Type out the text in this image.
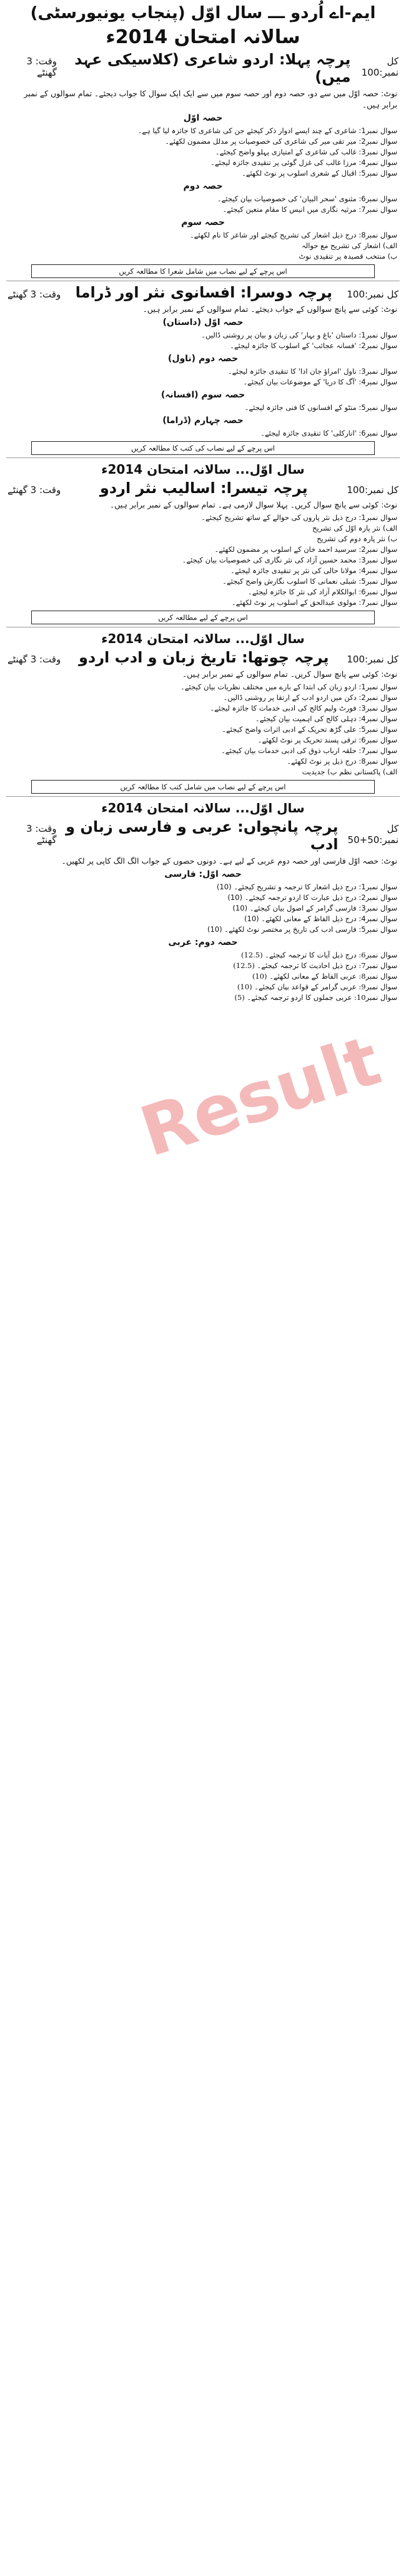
ایم-اے اُردو ـــ سال اوّل (پنجاب یونیورسٹی)
سالانہ امتحان 2014ء
کل نمبر:100
پرچہ پہلا: اردو شاعری (کلاسیکی عہد میں)
وقت: 3 گھنٹے
نوٹ: حصہ اوّل میں سے دو، حصہ دوم اور حصہ سوم میں سے ایک ایک سوال کا جواب دیجئے۔ تمام سوالوں کے نمبر برابر ہیں۔
حصہ اوّل
سوال نمبر1: شاعری کے چند ایسے ادوار ذکر کیجئے جن کی شاعری کا جائزہ لیا گیا ہے۔
سوال نمبر2: میر تقی میر کی شاعری کی خصوصیات پر مدلل مضمون لکھئے۔
سوال نمبر3: غالب کی شاعری کے امتیازی پہلو واضح کیجئے۔
سوال نمبر4: مرزا غالب کی غزل گوئی پر تنقیدی جائزہ لیجئے۔
سوال نمبر5: اقبال کے شعری اسلوب پر نوٹ لکھئے۔
حصہ دوم
سوال نمبر6: مثنوی 'سحر البیان' کی خصوصیات بیان کیجئے۔
سوال نمبر7: مرثیہ نگاری میں انیس کا مقام متعین کیجئے۔
حصہ سوم
سوال نمبر8: درج ذیل اشعار کی تشریح کیجئے اور شاعر کا نام لکھئے۔
الف) اشعار کی تشریح مع حوالہ
ب) منتخب قصیدہ پر تنقیدی نوٹ
اس پرچے کے لیے نصاب میں شامل شعرا کا مطالعہ کریں
کل نمبر:100
پرچہ دوسرا: افسانوی نثر اور ڈراما
وقت: 3 گھنٹے
نوٹ: کوئی سے پانچ سوالوں کے جواب دیجئے۔ تمام سوالوں کے نمبر برابر ہیں۔
حصہ اوّل (داستان)
سوال نمبر1: داستان 'باغ و بہار' کی زبان و بیان پر روشنی ڈالیں۔
سوال نمبر2: 'فسانہ عجائب' کے اسلوب کا جائزہ لیجئے۔
حصہ دوم (ناول)
سوال نمبر3: ناول 'امراؤ جان ادا' کا تنقیدی جائزہ لیجئے۔
سوال نمبر4: 'آگ کا دریا' کے موضوعات بیان کیجئے۔
حصہ سوم (افسانہ)
سوال نمبر5: منٹو کے افسانوں کا فنی جائزہ لیجئے۔
حصہ چہارم (ڈراما)
سوال نمبر6: 'انارکلی' کا تنقیدی جائزہ لیجئے۔
اس پرچے کے لیے نصاب کی کتب کا مطالعہ کریں
سال اوّل... سالانہ امتحان 2014ء
کل نمبر:100
پرچہ تیسرا: اسالیب نثر اردو
وقت: 3 گھنٹے
نوٹ: کوئی سے پانچ سوال کریں۔ پہلا سوال لازمی ہے۔ تمام سوالوں کے نمبر برابر ہیں۔
سوال نمبر1: درج ذیل نثر پاروں کی حوالے کے ساتھ تشریح کیجئے۔
الف) نثر پارہ اوّل کی تشریح
ب) نثر پارہ دوم کی تشریح
سوال نمبر2: سرسید احمد خان کے اسلوب پر مضمون لکھئے۔
سوال نمبر3: محمد حسین آزاد کی نثر نگاری کی خصوصیات بیان کیجئے۔
سوال نمبر4: مولانا حالی کی نثر پر تنقیدی جائزہ لیجئے۔
سوال نمبر5: شبلی نعمانی کا اسلوب نگارش واضح کیجئے۔
سوال نمبر6: ابوالکلام آزاد کی نثر کا جائزہ لیجئے۔
سوال نمبر7: مولوی عبدالحق کے اسلوب پر نوٹ لکھئے۔
اس پرچے کے لیے مطالعہ کریں
سال اوّل... سالانہ امتحان 2014ء
کل نمبر:100
پرچہ چوتھا: تاریخ زبان و ادب اردو
وقت: 3 گھنٹے
نوٹ: کوئی سے پانچ سوال کریں۔ تمام سوالوں کے نمبر برابر ہیں۔
سوال نمبر1: اردو زبان کی ابتدا کے بارے میں مختلف نظریات بیان کیجئے۔
سوال نمبر2: دکن میں اردو ادب کے ارتقا پر روشنی ڈالیں۔
سوال نمبر3: فورٹ ولیم کالج کی ادبی خدمات کا جائزہ لیجئے۔
سوال نمبر4: دہلی کالج کی اہمیت بیان کیجئے۔
سوال نمبر5: علی گڑھ تحریک کے ادبی اثرات واضح کیجئے۔
سوال نمبر6: ترقی پسند تحریک پر نوٹ لکھئے۔
سوال نمبر7: حلقہ ارباب ذوق کی ادبی خدمات بیان کیجئے۔
سوال نمبر8: درج ذیل پر نوٹ لکھئے۔
الف) پاکستانی نظم ب) جدیدیت
اس پرچے کے لیے نصاب میں شامل کتب کا مطالعہ کریں
سال اوّل... سالانہ امتحان 2014ء
کل نمبر:50+50
پرچہ پانچواں: عربی و فارسی زبان و ادب
وقت: 3 گھنٹے
نوٹ: حصہ اوّل فارسی اور حصہ دوم عربی کے لیے ہے۔ دونوں حصوں کے جواب الگ الگ کاپی پر لکھیں۔
حصہ اوّل: فارسی
سوال نمبر1: درج ذیل اشعار کا ترجمہ و تشریح کیجئے۔ (10)
سوال نمبر2: درج ذیل عبارت کا اردو ترجمہ کیجئے۔ (10)
سوال نمبر3: فارسی گرامر کے اصول بیان کیجئے۔ (10)
سوال نمبر4: درج ذیل الفاظ کے معانی لکھئے۔ (10)
سوال نمبر5: فارسی ادب کی تاریخ پر مختصر نوٹ لکھئے۔ (10)
حصہ دوم: عربی
سوال نمبر6: درج ذیل آیات کا ترجمہ کیجئے۔ (12.5)
سوال نمبر7: درج ذیل احادیث کا ترجمہ کیجئے۔ (12.5)
سوال نمبر8: عربی الفاظ کے معانی لکھئے۔ (10)
سوال نمبر9: عربی گرامر کے قواعد بیان کیجئے۔ (10)
سوال نمبر10: عربی جملوں کا اردو ترجمہ کیجئے۔ (5)
Result
